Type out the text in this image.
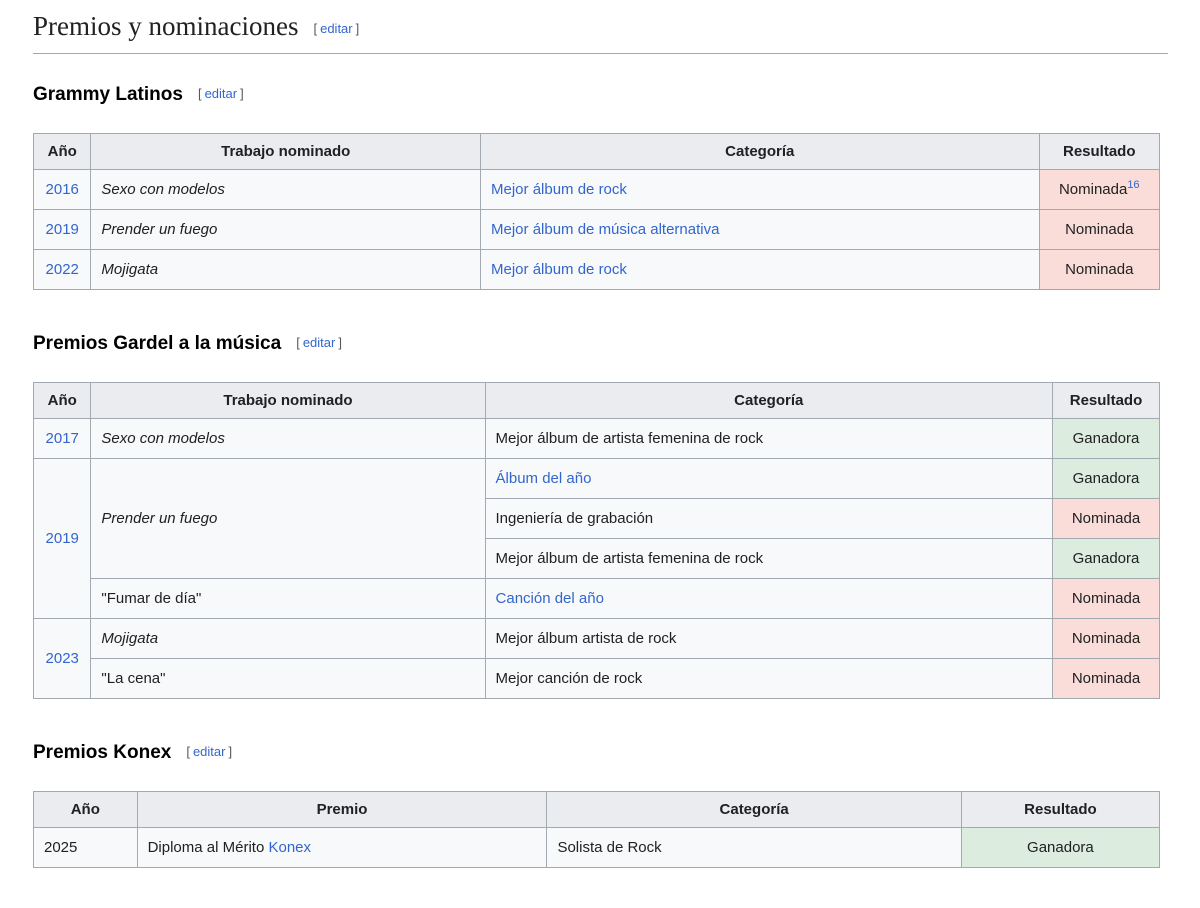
Premios y nominaciones [ editar ]
Grammy Latinos [ editar ]
Año	Trabajo nominado	Categoría	Resultado
2016	Sexo con modelos	Mejor álbum de rock	Nominada$^{16}$
2019	Prender un fuego	Mejor álbum de música alternativa	Nominada
2022	Mojigata	Mejor álbum de rock	Nominada
Premios Gardel a la música [ editar ]
Año	Trabajo nominado	Categoría	Resultado
2017	Sexo con modelos	Mejor álbum de artista femenina de rock	Ganadora
2019	Prender un fuego	Álbum del año	Ganadora
		Ingeniería de grabación	Nominada
		Mejor álbum de artista femenina de rock	Ganadora
	"Fumar de día"	Canción del año	Nominada
2023	Mojigata	Mejor álbum artista de rock	Nominada
	"La cena"	Mejor canción de rock	Nominada
Premios Konex [ editar ]
Año	Premio	Categoría	Resultado
2025	Diploma al Mérito Konex	Solista de Rock	Ganadora
